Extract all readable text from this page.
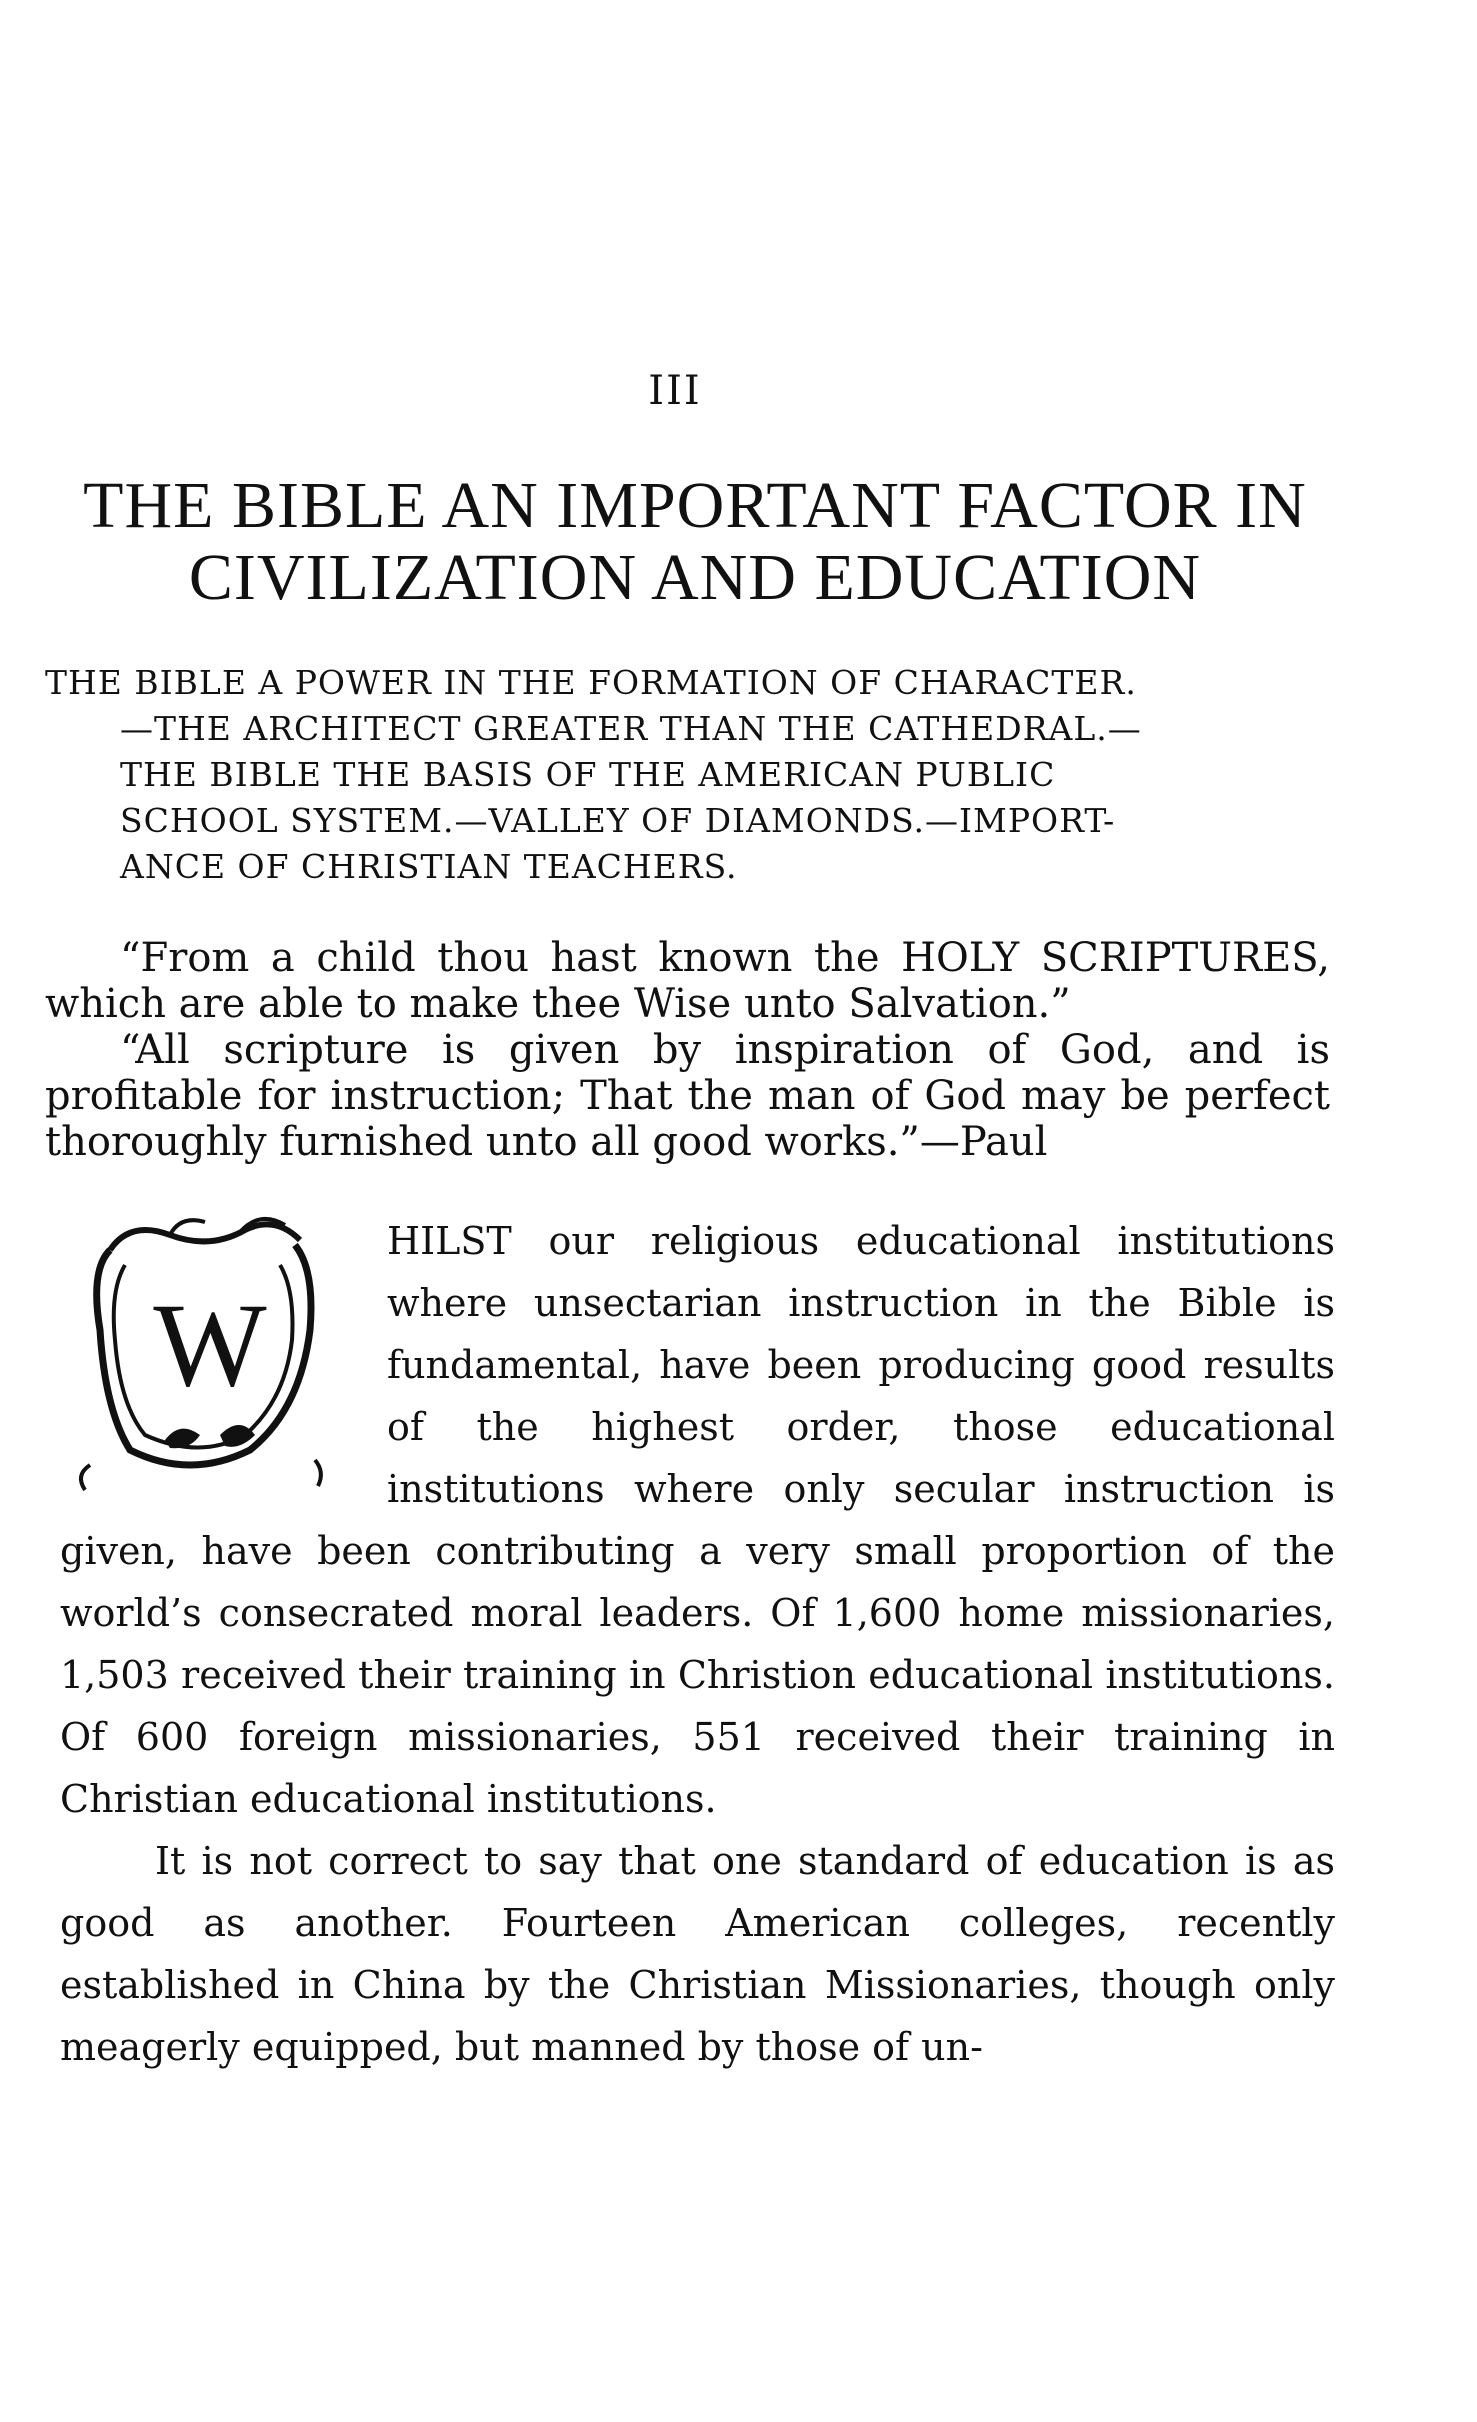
III
THE BIBLE AN IMPORTANT FACTOR IN
CIVILIZATION AND EDUCATION
THE BIBLE A POWER IN THE FORMATION OF CHARACTER.
—THE ARCHITECT GREATER THAN THE CATHEDRAL.—
THE BIBLE THE BASIS OF THE AMERICAN PUBLIC
SCHOOL SYSTEM.—VALLEY OF DIAMONDS.—IMPORT-
ANCE OF CHRISTIAN TEACHERS.

“From a child thou hast known the HOLY SCRIPTURES, which are able to make thee Wise unto Salvation.”

“All scripture is given by inspiration of God, and is profitable for instruction; That the man of God may be perfect thoroughly furnished unto all good works.”—Paul

W
HILST our religious educational institutions where unsectarian instruction in the Bible is fundamental, have been producing good results of the highest order, those educational institutions where only secular instruction is given, have been contributing a very small proportion of the world’s consecrated moral leaders. Of 1,600 home missionaries, 1,503 received their training in Christion educational institutions. Of 600 foreign missionaries, 551 received their training in Christian educational institutions.

It is not correct to say that one standard of education is as good as another. Fourteen American colleges, recently established in China by the Christian Missionaries, though only meagerly equipped, but manned by those of un-
